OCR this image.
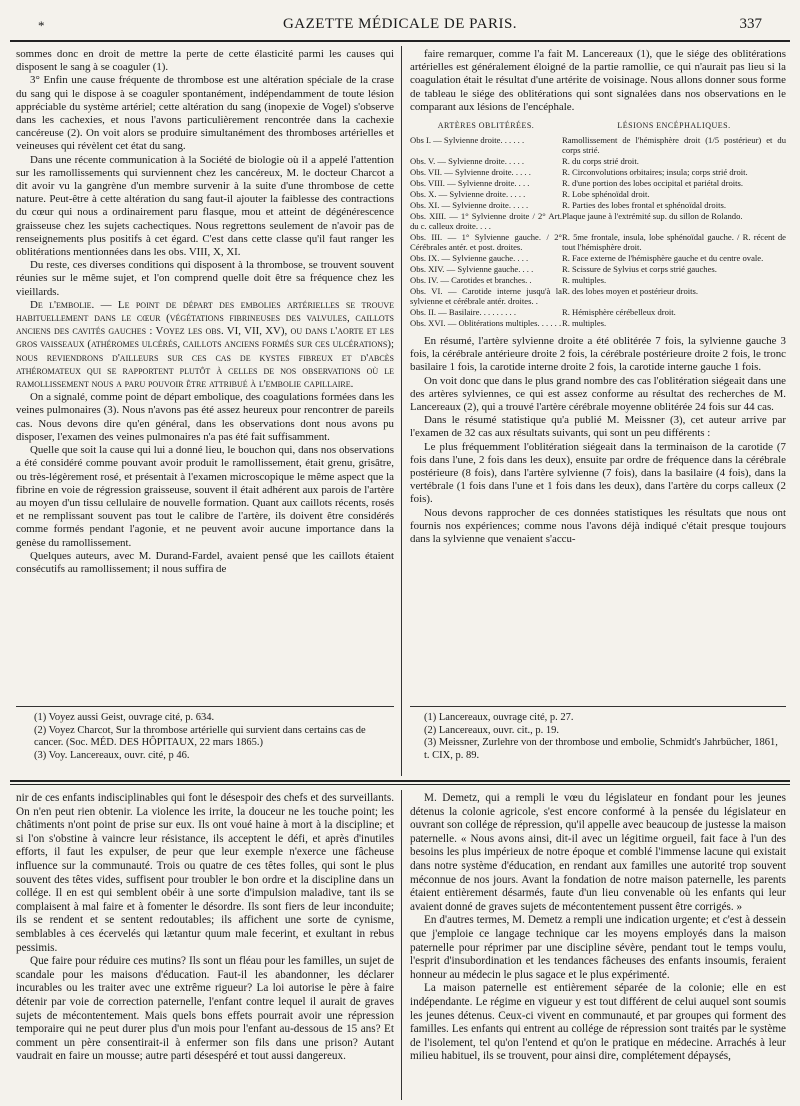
*	GAZETTE MÉDICALE DE PARIS.	337

sommes donc en droit de mettre la perte de cette élasticité parmi les causes qui disposent le sang à se coaguler (1).

3° Enfin une cause fréquente de thrombose est une altération spéciale de la crase du sang qui le dispose à se coaguler spontanément, indépendamment de toute lésion appréciable du système artériel; cette altération du sang (inopexie de Vogel) s'observe dans les cachexies, et nous l'avons particulièrement rencontrée dans la cachexie cancéreuse (2). On voit alors se produire simultanément des thromboses artérielles et veineuses qui révèlent cet état du sang.

Dans une récente communication à la Société de biologie où il a appelé l'attention sur les ramollissements qui surviennent chez les cancéreux, M. le docteur Charcot a dit avoir vu la gangrène d'un membre survenir à la suite d'une thrombose de cette nature. Peut-être à cette altération du sang faut-il ajouter la faiblesse des contractions du cœur qui nous a ordinairement paru flasque, mou et atteint de dégénérescence graisseuse chez les sujets cachectiques. Nous regrettons seulement de n'avoir pas de renseignements plus positifs à cet égard. C'est dans cette classe qu'il faut ranger les oblitérations mentionnées dans les obs. VIII, X, XI.

Du reste, ces diverses conditions qui disposent à la thrombose, se trouvent souvent réunies sur le même sujet, et l'on comprend quelle doit être sa fréquence chez les vieillards.

De l'embolie. — Le point de départ des embolies artérielles se trouve habituellement dans le cœur (végétations fibrineuses des valvules, caillots anciens des cavités gauches : Voyez les obs. VI, VII, XV), ou dans l'aorte et les gros vaisseaux (athéromes ulcérés, caillots anciens formés sur ces ulcérations); nous reviendrons d'ailleurs sur ces cas de kystes fibreux et d'abcès athéromateux qui se rapportent plutôt à celles de nos observations où le ramollissement nous a paru pouvoir être attribué à l'embolie capillaire.

On a signalé, comme point de départ embolique, des coagulations formées dans les veines pulmonaires (3). Nous n'avons pas été assez heureux pour rencontrer de pareils cas. Nous devons dire qu'en général, dans les observations dont nous avons pu disposer, l'examen des veines pulmonaires n'a pas été fait suffisamment.

Quelle que soit la cause qui lui a donné lieu, le bouchon qui, dans nos observations a été considéré comme pouvant avoir produit le ramollissement, était grenu, grisâtre, ou très-légèrement rosé, et présentait à l'examen microscopique le même aspect que la fibrine en voie de régression graisseuse, souvent il était adhérent aux parois de l'artère au moyen d'un tissu cellulaire de nouvelle formation. Quant aux caillots récents, rosés et ne remplissant souvent pas tout le calibre de l'artère, ils doivent être considérés comme formés pendant l'agonie, et ne peuvent avoir aucune importance dans la genèse du ramollissement.

Quelques auteurs, avec M. Durand-Fardel, avaient pensé que les caillots étaient consécutifs au ramollissement; il nous suffira de

faire remarquer, comme l'a fait M. Lancereaux (1), que le siége des oblitérations artérielles est généralement éloigné de la partie ramollie, ce qui n'aurait pas lieu si la coagulation était le résultat d'une artérite de voisinage. Nous allons donner sous forme de tableau le siége des oblitérations qui sont signalées dans nos observations en le comparant aux lésions de l'encéphale.

ARTÈRES OBLITÉRÉES.	LÉSIONS ENCÉPHALIQUES.
Obs I. — Sylvienne droite. . . . . .	Ramollissement de l'hémisphère droit (1/5 postérieur) et du corps strié.
Obs. V. — Sylvienne droite. . . . .	R. du corps strié droit.
Obs. VII. — Sylvienne droite. . . . .	R. Circonvolutions orbitaires; insula; corps strié droit.
Obs. VIII. — Sylvienne droite. . . .	R. d'une portion des lobes occipital et pariétal droits.
Obs. X. — Sylvienne droite. . . . .	R. Lobe sphénoïdal droit.
Obs. XI. — Sylvienne droite. . . . .	R. Parties des lobes frontal et sphénoïdal droits.
Obs. XIII. — 1° Sylvienne droite / 2° Art. du c. calleux droite. . . .	Plaque jaune à l'extrémité sup. du sillon de Rolando.
Obs. III. — 1° Sylvienne gauche. / 2° Cérébrales antér. et post. droites.	R. 5me frontale, insula, lobe sphénoïdal gauche. / R. récent de tout l'hémisphère droit.
Obs. IX. — Sylvienne gauche. . . .	R. Face externe de l'hémisphère gauche et du centre ovale.
Obs. XIV. — Sylvienne gauche. . . .	R. Scissure de Sylvius et corps strié gauches.
Obs. IV. — Carotides et branches. .	R. multiples.
Obs. VI. — Carotide interne jusqu'à la sylvienne et cérébrale antér. droites. .	R. des lobes moyen et postérieur droits.
Obs. II. — Basilaire. . . . . . . . .	R. Hémisphère cérébelleux droit.
Obs. XVI. — Oblitérations multiples. . . . . .	R. multiples.

En résumé, l'artère sylvienne droite a été oblitérée 7 fois, la sylvienne gauche 3 fois, la cérébrale antérieure droite 2 fois, la cérébrale postérieure droite 2 fois, le tronc basilaire 1 fois, la carotide interne droite 2 fois, la carotide interne gauche 1 fois.

On voit donc que dans le plus grand nombre des cas l'oblitération siégeait dans une des artères sylviennes, ce qui est assez conforme au résultat des recherches de M. Lancereaux (2), qui a trouvé l'artère cérébrale moyenne oblitérée 24 fois sur 44 cas.

Dans le résumé statistique qu'a publié M. Meissner (3), cet auteur arrive par l'examen de 32 cas aux résultats suivants, qui sont un peu différents :

Le plus fréquemment l'oblitération siégeait dans la terminaison de la carotide (7 fois dans l'une, 2 fois dans les deux), ensuite par ordre de fréquence dans la cérébrale postérieure (8 fois), dans l'artère sylvienne (7 fois), dans la basilaire (4 fois), dans la vertébrale (1 fois dans l'une et 1 fois dans les deux), dans l'artère du corps calleux (2 fois).

Nous devons rapprocher de ces données statistiques les résultats que nous ont fournis nos expériences; comme nous l'avons déjà indiqué c'était presque toujours dans la sylvienne que venaient s'accu-

(1) Voyez aussi Geist, ouvrage cité, p. 634.
(2) Voyez Charcot, Sur la thrombose artérielle qui survient dans certains cas de cancer. (Soc. MÉD. DES HÔPITAUX, 22 mars 1865.)
(3) Voy. Lancereaux, ouvr. cité, p 46.
(1) Lancereaux, ouvrage cité, p. 27.
(2) Lancereaux, ouvr. cit., p. 19.
(3) Meissner, Zurlehre von der thrombose und embolie, Schmidt's Jahrbücher, 1861, t. CIX, p. 89.

nir de ces enfants indisciplinables qui font le désespoir des chefs et des surveillants. On n'en peut rien obtenir. La violence les irrite, la douceur ne les touche point; les châtiments n'ont point de prise sur eux. Ils ont voué haine à mort à la discipline; et si l'on s'obstine à vaincre leur résistance, ils acceptent le défi, et après d'inutiles efforts, il faut les expulser, de peur que leur exemple n'exerce une fâcheuse influence sur la communauté. Trois ou quatre de ces têtes folles, qui sont le plus souvent des têtes vides, suffisent pour troubler le bon ordre et la discipline dans un collége. Il en est qui semblent obéir à une sorte d'impulsion maladive, tant ils se complaisent à mal faire et à fomenter le désordre. Ils sont fiers de leur inconduite; ils se rendent et se sentent redoutables; ils affichent une sorte de cynisme, semblables à ces écervelés qui lætantur quum male fecerint, et exultant in rebus pessimis.

Que faire pour réduire ces mutins? Ils sont un fléau pour les familles, un sujet de scandale pour les maisons d'éducation. Faut-il les abandonner, les déclarer incurables ou les traiter avec une extrême rigueur? La loi autorise le père à faire détenir par voie de correction paternelle, l'enfant contre lequel il aurait de graves sujets de mécontentement. Mais quels bons effets pourrait avoir une répression temporaire qui ne peut durer plus d'un mois pour l'enfant au-dessous de 15 ans? Et comment un père consentirait-il à enfermer son fils dans une prison? Autant vaudrait en faire un mousse; autre parti désespéré et tout aussi dangereux.

M. Demetz, qui a rempli le vœu du législateur en fondant pour les jeunes détenus la colonie agricole, s'est encore conformé à la pensée du législateur en ouvrant son collége de répression, qu'il appelle avec beaucoup de justesse la maison paternelle. « Nous avons ainsi, dit-il avec un légitime orgueil, fait face à l'un des besoins les plus impérieux de notre époque et comblé l'immense lacune qui existait dans notre système d'éducation, en rendant aux familles une autorité trop souvent méconnue de nos jours. Avant la fondation de notre maison paternelle, les parents étaient entièrement désarmés, faute d'un lieu convenable où les enfants qui leur avaient donné de graves sujets de mécontentement pussent être corrigés. »

En d'autres termes, M. Demetz a rempli une indication urgente; et c'est à dessein que j'emploie ce langage technique car les moyens employés dans la maison paternelle pour réprimer par une discipline sévère, pendant tout le temps voulu, l'esprit d'insubordination et les tendances fâcheuses des enfants insoumis, feraient honneur au médecin le plus sagace et le plus expérimenté.

La maison paternelle est entièrement séparée de la colonie; elle en est indépendante. Le régime en vigueur y est tout différent de celui auquel sont soumis les jeunes détenus. Ceux-ci vivent en communauté, et par groupes qui forment des familles. Les enfants qui entrent au collége de répression sont traités par le système de l'isolement, tel qu'on l'entend et qu'on le pratique en médecine. Arrachés à leur milieu habituel, ils se trouvent, pour ainsi dire, complétement dépaysés,
